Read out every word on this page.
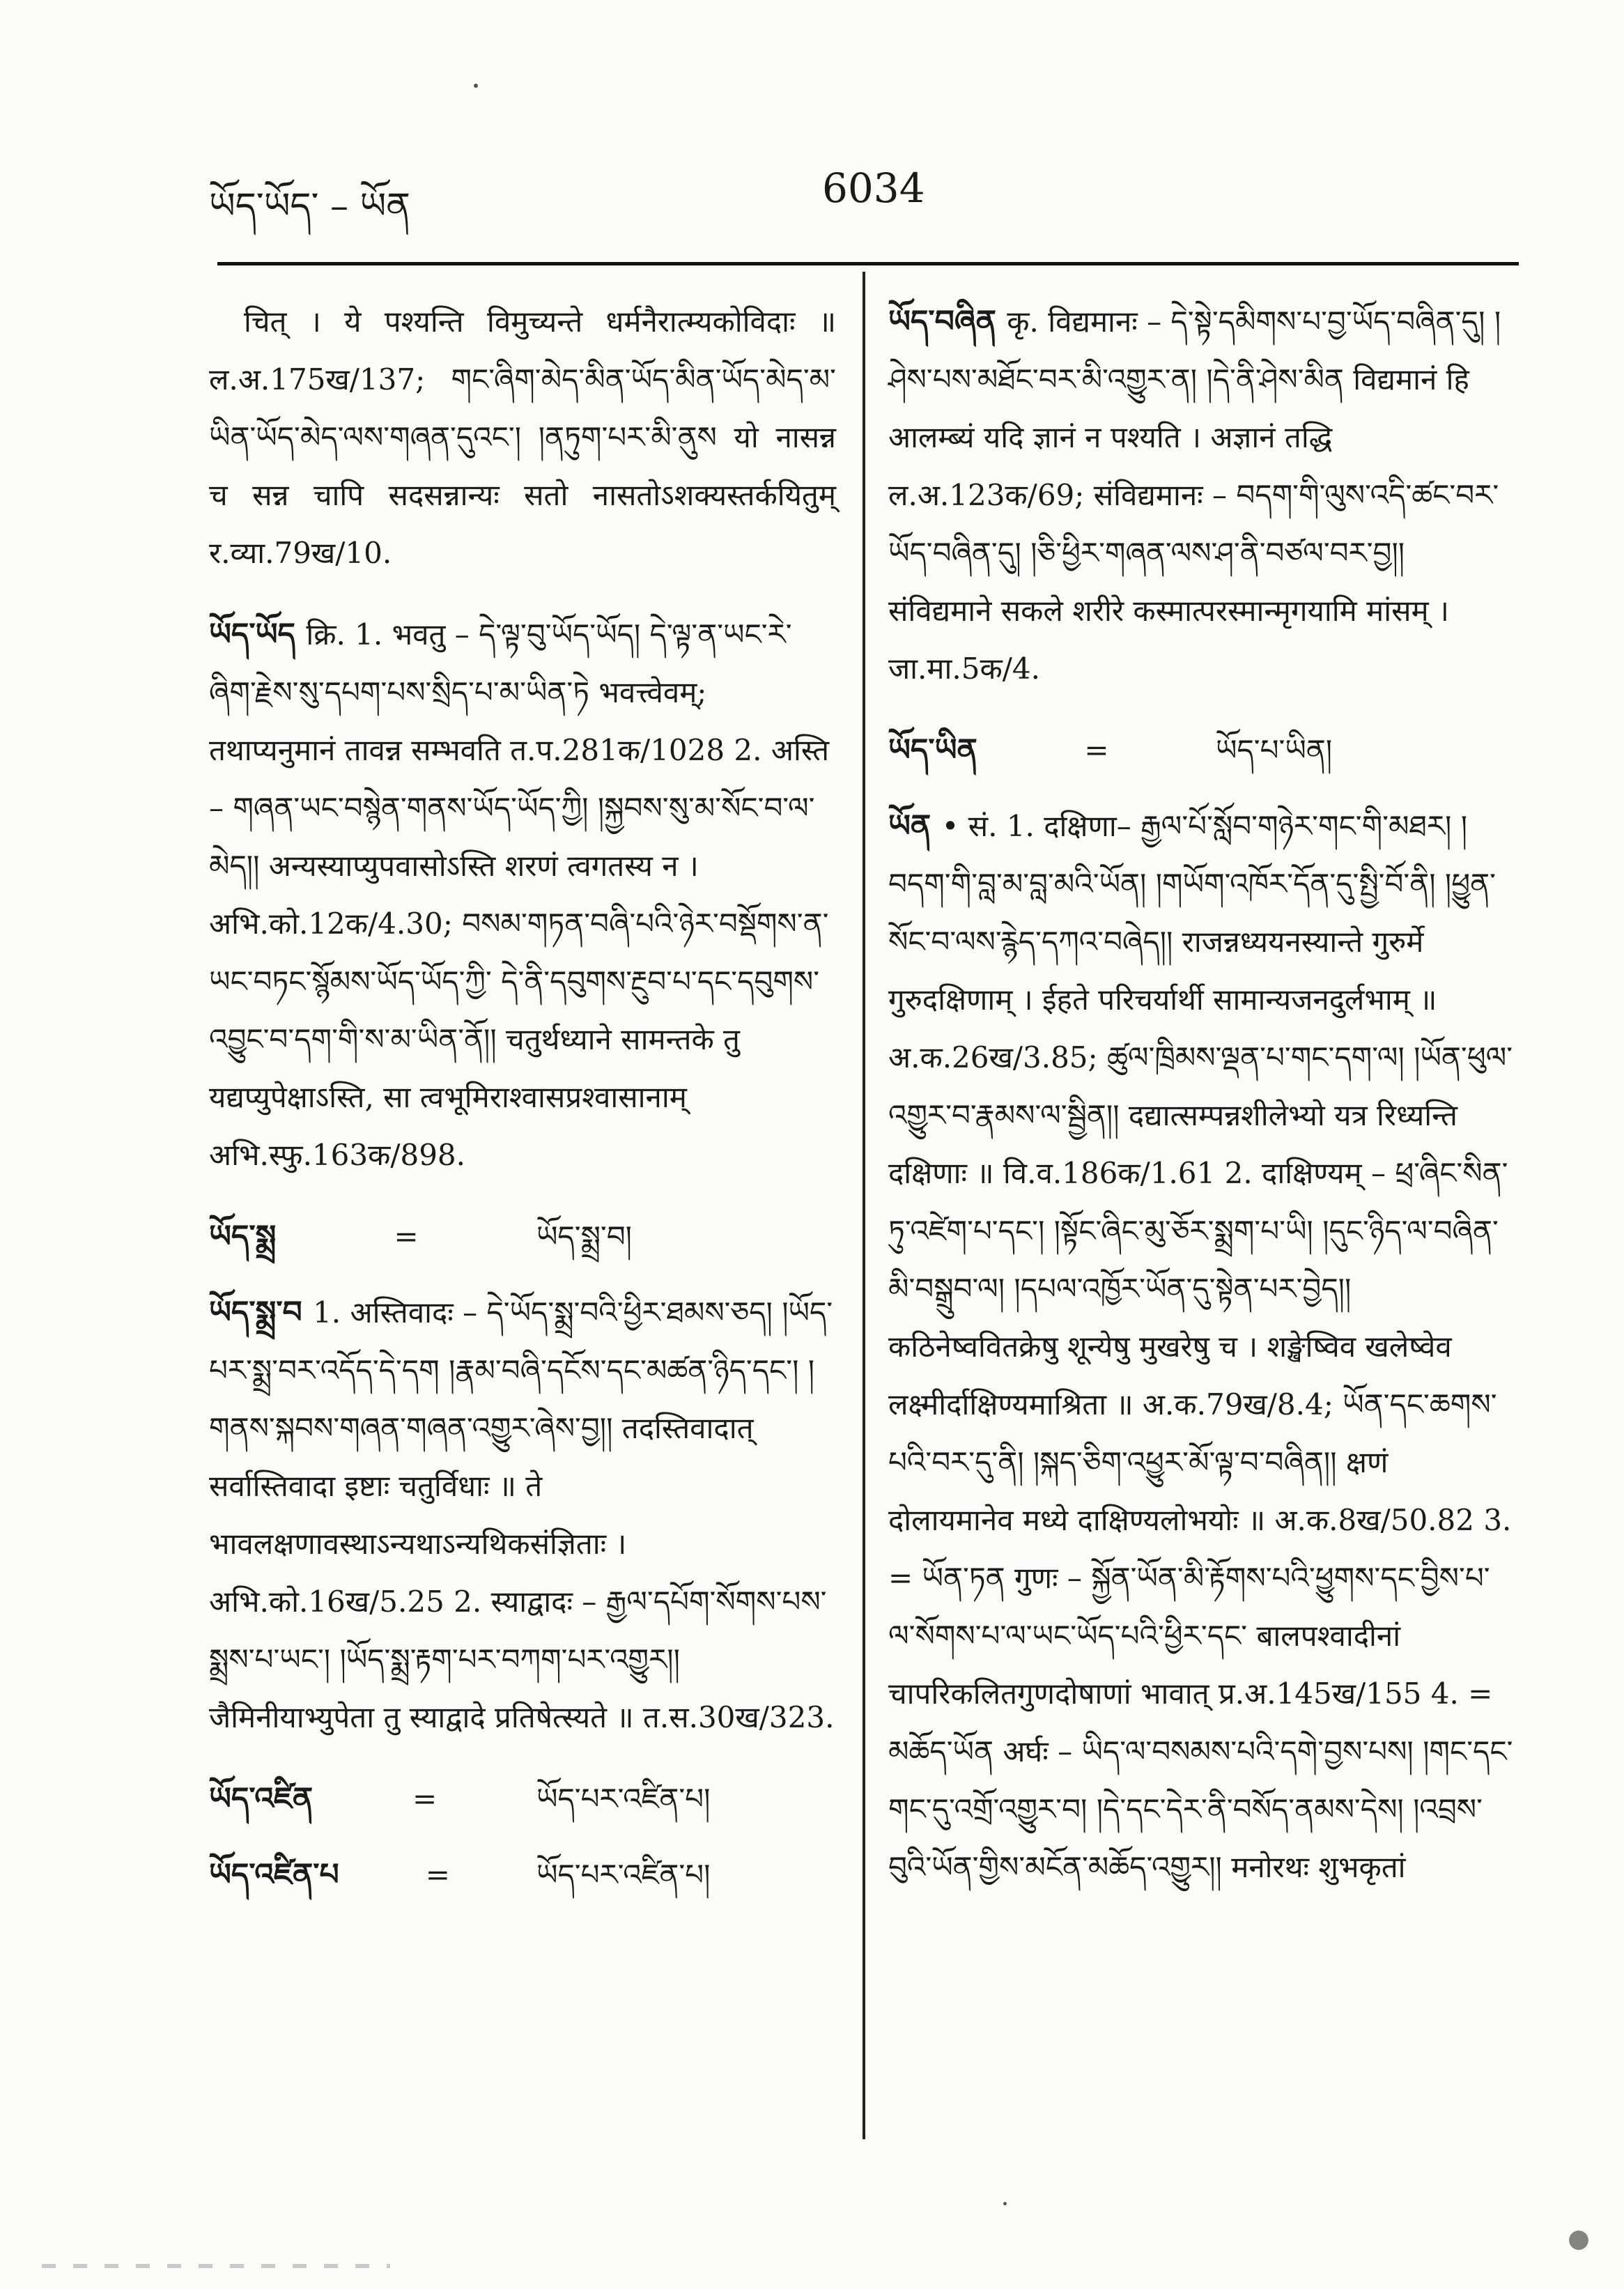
ཡོད་ཡོད་ – ཡོན	6034
चित् । ये पश्यन्ति विमुच्यन्ते धर्मनैरात्म्यकोविदाः ॥ ल.अ.175ख/137; གང་ཞིག་མེད་མིན་ཡོད་མིན་ཡོད་མེད་མ་ཡིན་ཡོད་མེད་ལས་གཞན་དུའང་། །ནཏུག་པར་མི་ནུས यो नासन्न च सन्न चापि सदसन्नान्यः सतो नासतोऽशक्यस्तर्कयितुम् र.व्या.79ख/10.
ཡོད་ཡོད क्रि. 1. भवतु – དེ་ལྟ་བུ་ཡོད་ཡོད། དེ་ལྟ་ན་ཡང་རེ་ཞིག་རྗེས་སུ་དཔག་པས་སྲིད་པ་མ་ཡིན་ཏེ भवत्त्वेवम्; तथाप्यनुमानं तावन्न सम्भवति त.प.281क/1028 2. अस्ति – གཞན་ཡང་བསྙེན་གནས་ཡོད་ཡོད་ཀྱི། །སྐྱབས་སུ་མ་སོང་བ་ལ་མེད།། अन्यस्याप्युपवासोऽस्ति शरणं त्वगतस्य न । अभि.को.12क/4.30; བསམ་གཏན་བཞི་པའི་ཉེར་བསྡོགས་ན་ཡང་བཏང་སྙོམས་ཡོད་ཡོད་ཀྱི་ དེ་ནི་དབུགས་རྔུབ་པ་དང་དབུགས་འབྱུང་བ་དག་གི་ས་མ་ཡིན་ནོ།། चतुर्थध्याने सामन्तके तु यद्यप्युपेक्षाऽस्ति, सा त्वभूमिराश्वासप्रश्वासानाम् अभि.स्फु.163क/898.
ཡོད་སྨྲ	=	ཡོད་སྨྲ་བ།
ཡོད་སྨྲ་བ 1. अस्तिवादः – དེ་ཡོད་སྨྲ་བའི་ཕྱིར་ཐམས་ཅད། །ཡོད་པར་སྨྲ་བར་འདོད་དེ་དག །རྣམ་བཞི་དངོས་དང་མཚན་ཉིད་དང་། །གནས་སྐབས་གཞན་གཞན་འགྱུར་ཞེས་བྱ།། तदस्तिवादात् सर्वास्तिवादा इष्टाः चतुर्विधाः ॥ ते भावलक्षणावस्थाऽन्यथाऽन्यथिकसंज्ञिताः । अभि.को.16ख/5.25 2. स्याद्वादः – རྒྱལ་དཔོག་སོགས་པས་སྨྲས་པ་ཡང་། །ཡོད་སྨྲ་རྟག་པར་བཀག་པར་འགྱུར།། जैमिनीयाभ्युपेता तु स्याद्वादे प्रतिषेत्स्यते ॥ त.स.30ख/323.
ཡོད་འཛིན	=	ཡོད་པར་འཛིན་པ།
ཡོད་འཛིན་པ	=	ཡོད་པར་འཛིན་པ།
ཡོད་བཞིན कृ. विद्यमानः – དེ་སྟེ་དམིགས་པ་བྱ་ཡོད་བཞིན་དུ། །ཤེས་པས་མཐོང་བར་མི་འགྱུར་ན། །དེ་ནི་ཤེས་མིན विद्यमानं हि आलम्ब्यं यदि ज्ञानं न पश्यति । अज्ञानं तद्धि ल.अ.123क/69; संविद्यमानः – བདག་གི་ལུས་འདི་ཚང་བར་ཡོད་བཞིན་དུ། །ཅི་ཕྱིར་གཞན་ལས་ཤ་ནི་བཙལ་བར་བྱ།། संविद्यमाने सकले शरीरे कस्मात्परस्मान्मृगयामि मांसम् । जा.मा.5क/4.
ཡོད་ཡིན	=	ཡོད་པ་ཡིན།
ཡོན • सं. 1. दक्षिणा– རྒྱལ་པོ་སློབ་གཉེར་གང་གི་མཐར། །བདག་གི་བླ་མ་བླ་མའི་ཡོན། །གཡོག་འཁོར་དོན་དུ་སྤྱི་བོ་ནི། །ཕྱུན་སོང་བ་ལས་རྙེད་དཀའ་བཞེད།། राजन्नध्ययनस्यान्ते गुरुर्मे गुरुदक्षिणाम् । ईहते परिचर्यार्थी सामान्यजनदुर्लभाम् ॥ अ.क.26ख/3.85; ཚུལ་ཁྲིམས་ལྡན་པ་གང་དག་ལ། །ཡོན་ཕུལ་འགྱུར་བ་རྣམས་ལ་སྦྱིན།། दद्यात्सम्पन्नशीलेभ्यो यत्र रिध्यन्ति दक्षिणाः ॥ वि.व.186क/1.61 2. दाक्षिण्यम् – ཕྲ་ཞིང་སིན་ཏུ་འཛེག་པ་དང་། །སྟོང་ཞིང་མུ་ཅོར་སྨྲག་པ་ཡི། །དུང་ཉིད་ལ་བཞིན་མི་བསྒྲུབ་ལ། །དཔལ་འཁྱོར་ཡོན་དུ་སྟེན་པར་བྱེད།། कठिनेष्ववितक्रेषु शून्येषु मुखरेषु च । शङ्खेष्विव खलेष्वेव लक्ष्मीर्दाक्षिण्यमाश्रिता ॥ अ.क.79ख/8.4; ཡོན་དང་ཆགས་པའི་བར་དུ་ནི། །སྐད་ཅིག་འཕྱུར་མོ་ལྟ་བ་བཞིན།། क्षणं दोलायमानेव मध्ये दाक्षिण्यलोभयोः ॥ अ.क.8ख/50.82 3. = ཡོན་ཏན गुणः – སྐྱོན་ཡོན་མི་རྟོགས་པའི་ཕྱུགས་དང་བྱིས་པ་ལ་སོགས་པ་ལ་ཡང་ཡོད་པའི་ཕྱིར་དང་ बालपश्वादीनां चापरिकलितगुणदोषाणां भावात् प्र.अ.145ख/155 4. = མཆོད་ཡོན अर्घः – ཡིད་ལ་བསམས་པའི་དགེ་བྱས་པས། །གང་དང་གང་དུ་འགྲོ་འགྱུར་བ། །དེ་དང་དེར་ནི་བསོད་ནམས་དེས། །འབྲས་བུའི་ཡོན་གྱིས་མངོན་མཆོད་འགྱུར།། मनोरथः शुभकृतां
